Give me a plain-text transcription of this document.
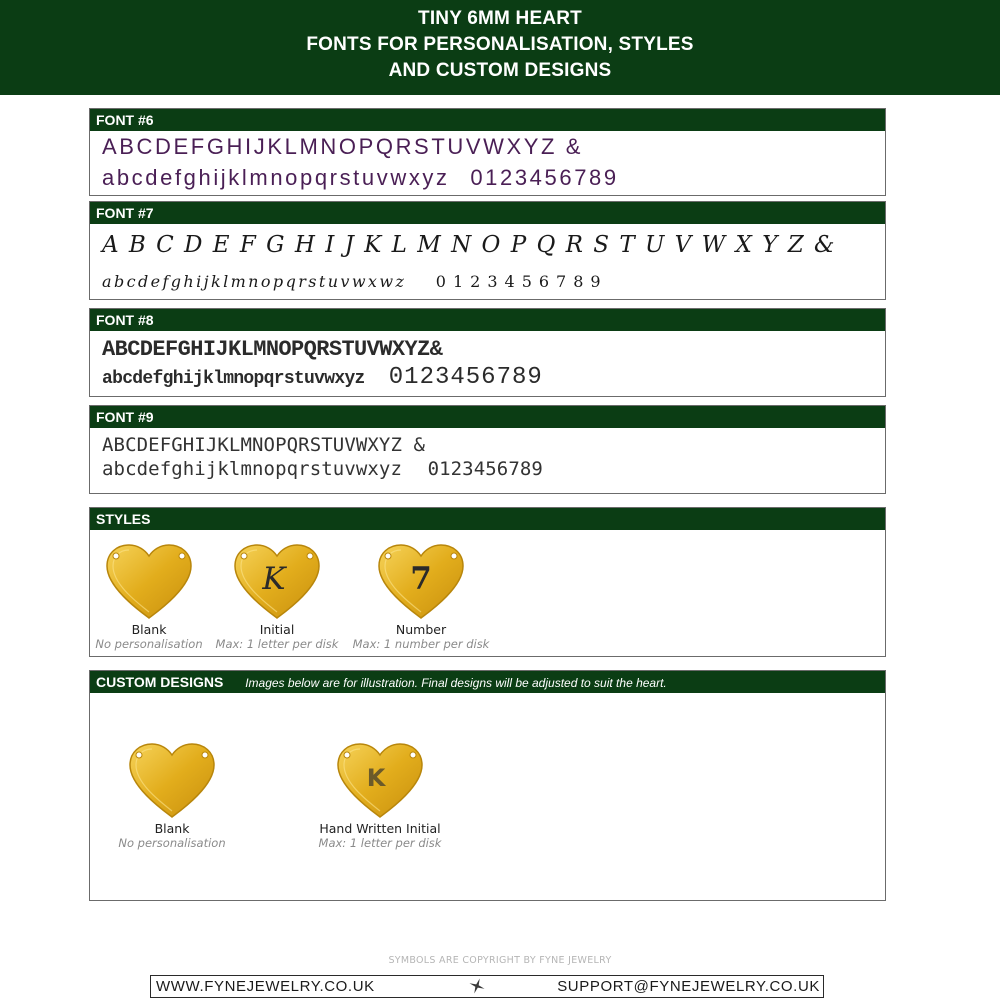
TINY 6MM HEART
FONTS FOR PERSONALISATION, STYLES
AND CUSTOM DESIGNS
FONT #6
ABCDEFGHIJKLMNOPQRSTUVWXYZ &
abcdefghijklmnopqrstuvwxyz 0123456789
FONT #7
A B C D E F G H I J K L M N O P Q R S T U V W X Y Z &
abcdefghijklmnopqrstuvwxwz 0123456789
FONT #8
ABCDEFGHIJKLMNOPQRSTUVWXYZ&
abcdefghijklmnopqrstuvwxyz 0123456789
FONT #9
ABCDEFGHIJKLMNOPQRSTUVWXYZ &
abcdefghijklmnopqrstuvwxyz 0123456789
STYLES
Blank
No personalisation
K
Initial
Max: 1 letter per disk
7
Number
Max: 1 number per disk
CUSTOM DESIGNS Images below are for illustration. Final designs will be adjusted to suit the heart.
Blank
No personalisation
K
Hand Written Initial
Max: 1 letter per disk
SYMBOLS ARE COPYRIGHT BY FYNE JEWELRY
WWW.FYNEJEWELRY.CO.UK	SUPPORT@FYNEJEWELRY.CO.UK
